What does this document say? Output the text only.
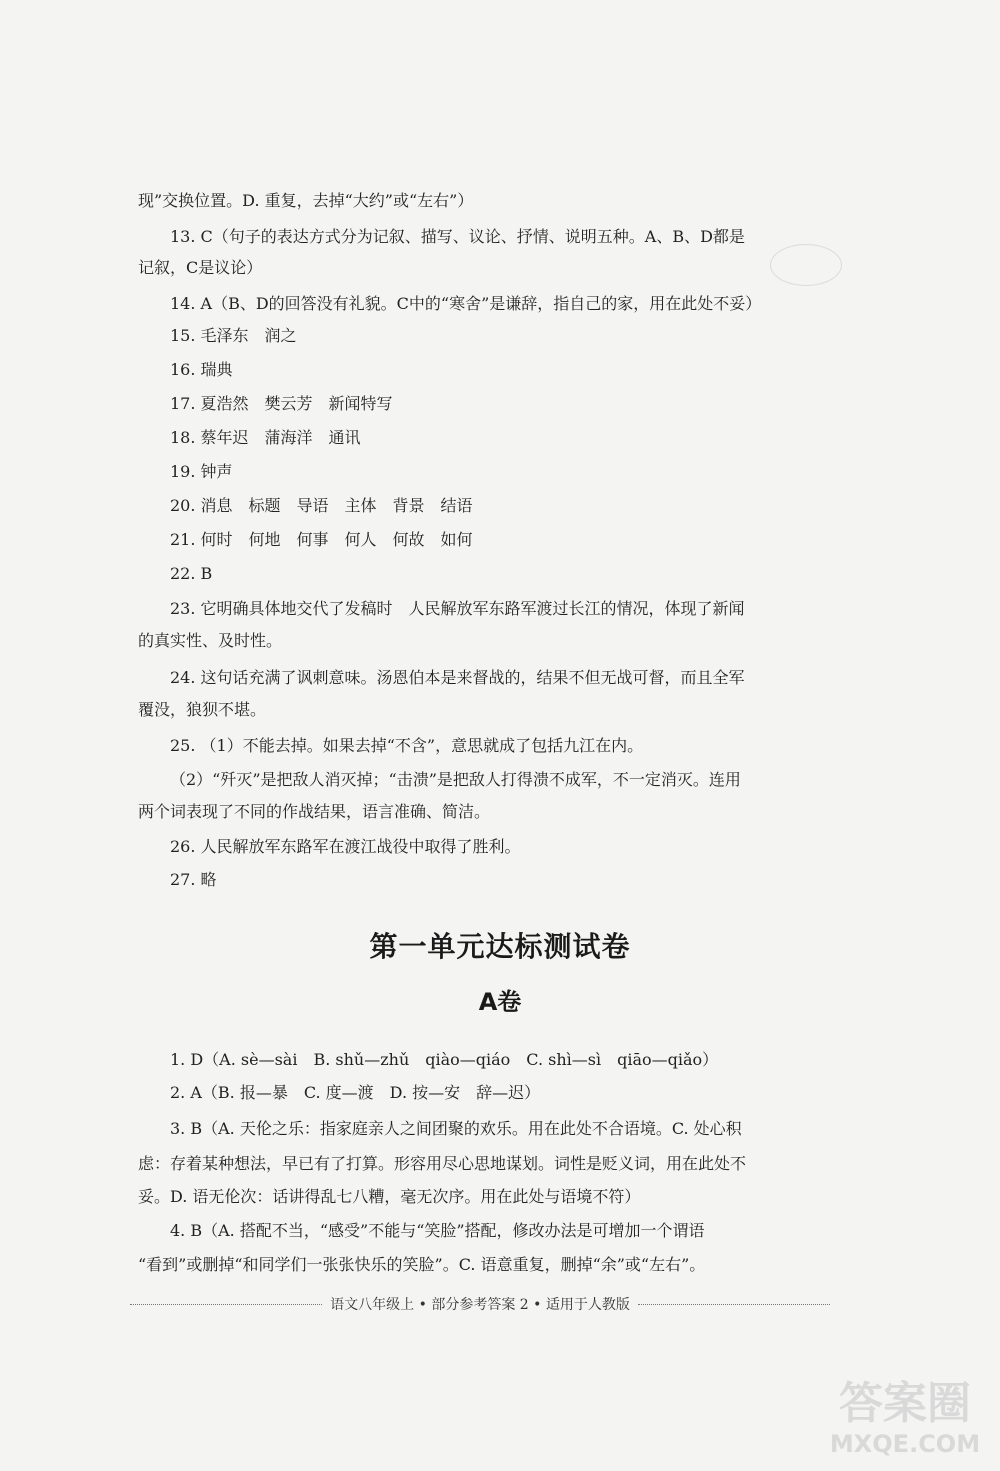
现”交换位置。D. 重复，去掉“大约”或“左右”）
13. C（句子的表达方式分为记叙、描写、议论、抒情、说明五种。A、B、D都是
记叙，C是议论）
14. A（B、D的回答没有礼貌。C中的“寒舍”是谦辞，指自己的家，用在此处不妥）
15. 毛泽东　润之
16. 瑞典
17. 夏浩然　樊云芳　新闻特写
18. 蔡年迟　蒲海洋　通讯
19. 钟声
20. 消息　标题　导语　主体　背景　结语
21. 何时　何地　何事　何人　何故　如何
22. B
23. 它明确具体地交代了发稿时　人民解放军东路军渡过长江的情况，体现了新闻
的真实性、及时性。
24. 这句话充满了讽刺意味。汤恩伯本是来督战的，结果不但无战可督，而且全军
覆没，狼狈不堪。
25. （1）不能去掉。如果去掉“不含”，意思就成了包括九江在内。
（2）“歼灭”是把敌人消灭掉；“击溃”是把敌人打得溃不成军，不一定消灭。连用
两个词表现了不同的作战结果，语言准确、简洁。
26. 人民解放军东路军在渡江战役中取得了胜利。
27. 略
第一单元达标测试卷
A卷
1. D（A. sè—sài　B. shǔ—zhǔ　qiào—qiáo　C. shì—sì　qiāo—qiǎo）
2. A（B. 报—暴　C. 度—渡　D. 按—安　辞—迟）
3. B（A. 天伦之乐：指家庭亲人之间团聚的欢乐。用在此处不合语境。C. 处心积
虑：存着某种想法，早已有了打算。形容用尽心思地谋划。词性是贬义词，用在此处不
妥。D. 语无伦次：话讲得乱七八糟，毫无次序。用在此处与语境不符）
4. B（A. 搭配不当，“感受”不能与“笑脸”搭配，修改办法是可增加一个谓语
“看到”或删掉“和同学们一张张快乐的笑脸”。C. 语意重复，删掉“余”或“左右”。
语文八年级上 • 部分参考答案 2 • 适用于人教版
答案圈
MXQE.COM
